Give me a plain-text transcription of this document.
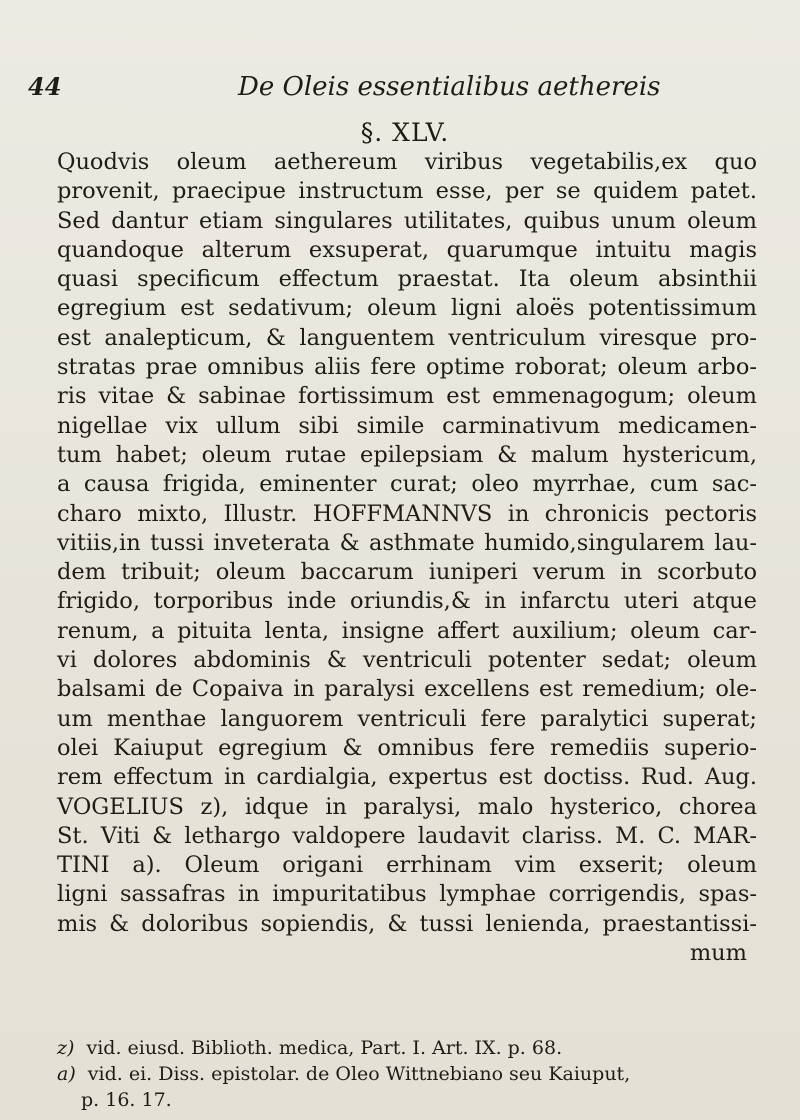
44	De Oleis essentialibus aethereis
§. XLV.
Quodvis oleum aethereum viribus vegetabilis,ex quo
provenit, praecipue instructum esse, per se quidem patet.
Sed dantur etiam singulares utilitates, quibus unum oleum
quandoque alterum exsuperat, quarumque intuitu magis
quasi specificum effectum praestat. Ita oleum absinthii
egregium est sedativum; oleum ligni aloës potentissimum
est analepticum, & languentem ventriculum viresque pro-
stratas prae omnibus aliis fere optime roborat; oleum arbo-
ris vitae & sabinae fortissimum est emmenagogum; oleum
nigellae vix ullum sibi simile carminativum medicamen-
tum habet; oleum rutae epilepsiam & malum hystericum,
a causa frigida, eminenter curat; oleo myrrhae, cum sac-
charo mixto, Illustr. HOFFMANNVS in chronicis pectoris
vitiis,in tussi inveterata & asthmate humido,singularem lau-
dem tribuit; oleum baccarum iuniperi verum in scorbuto
frigido, torporibus inde oriundis,& in infarctu uteri atque
renum, a pituita lenta, insigne affert auxilium; oleum car-
vi dolores abdominis & ventriculi potenter sedat; oleum
balsami de Copaiva in paralysi excellens est remedium; ole-
um menthae languorem ventriculi fere paralytici superat;
olei Kaiuput egregium & omnibus fere remediis superio-
rem effectum in cardialgia, expertus est doctiss. Rud. Aug.
VOGELIUS z), idque in paralysi, malo hysterico, chorea
St. Viti & lethargo valdopere laudavit clariss. M. C. MAR-
TINI a). Oleum origani errhinam vim exserit; oleum
ligni sassafras in impuritatibus lymphae corrigendis, spas-
mis & doloribus sopiendis, & tussi lenienda, praestantissi-
mum
z) vid. eiusd. Biblioth. medica, Part. I. Art. IX. p. 68.
a) vid. ei. Diss. epistolar. de Oleo Wittnebiano seu Kaiuput,
p. 16. 17.
